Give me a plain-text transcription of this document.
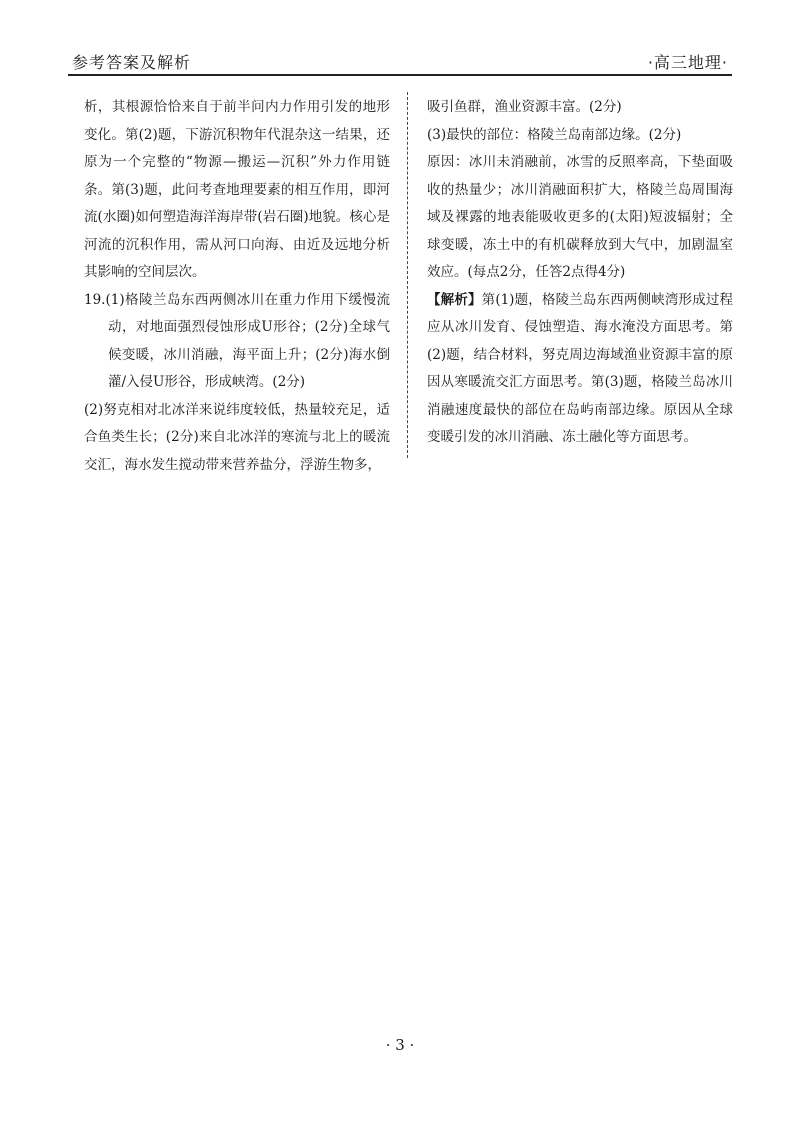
参考答案及解析	·高三地理·

析，其根源恰恰来自于前半问内力作用引发的地形变化。第(2)题，下游沉积物年代混杂这一结果，还原为一个完整的“物源—搬运—沉积”外力作用链条。第(3)题，此问考查地理要素的相互作用，即河流(水圈)如何塑造海洋海岸带(岩石圈)地貌。核心是河流的沉积作用，需从河口向海、由近及远地分析其影响的空间层次。

19.(1)格陵兰岛东西两侧冰川在重力作用下缓慢流动，对地面强烈侵蚀形成U形谷；(2分)全球气候变暖，冰川消融，海平面上升；(2分)海水倒灌/入侵U形谷，形成峡湾。(2分)

(2)努克相对北冰洋来说纬度较低，热量较充足，适合鱼类生长；(2分)来自北冰洋的寒流与北上的暖流交汇，海水发生搅动带来营养盐分，浮游生物多，

吸引鱼群，渔业资源丰富。(2分)

(3)最快的部位：格陵兰岛南部边缘。(2分)

原因：冰川未消融前，冰雪的反照率高，下垫面吸收的热量少；冰川消融面积扩大，格陵兰岛周围海域及裸露的地表能吸收更多的(太阳)短波辐射；全球变暖，冻土中的有机碳释放到大气中，加剧温室效应。(每点2分，任答2点得4分)

【解析】第(1)题，格陵兰岛东西两侧峡湾形成过程应从冰川发育、侵蚀塑造、海水淹没方面思考。第(2)题，结合材料，努克周边海域渔业资源丰富的原因从寒暖流交汇方面思考。第(3)题，格陵兰岛冰川消融速度最快的部位在岛屿南部边缘。原因从全球变暖引发的冰川消融、冻土融化等方面思考。

· 3 ·
